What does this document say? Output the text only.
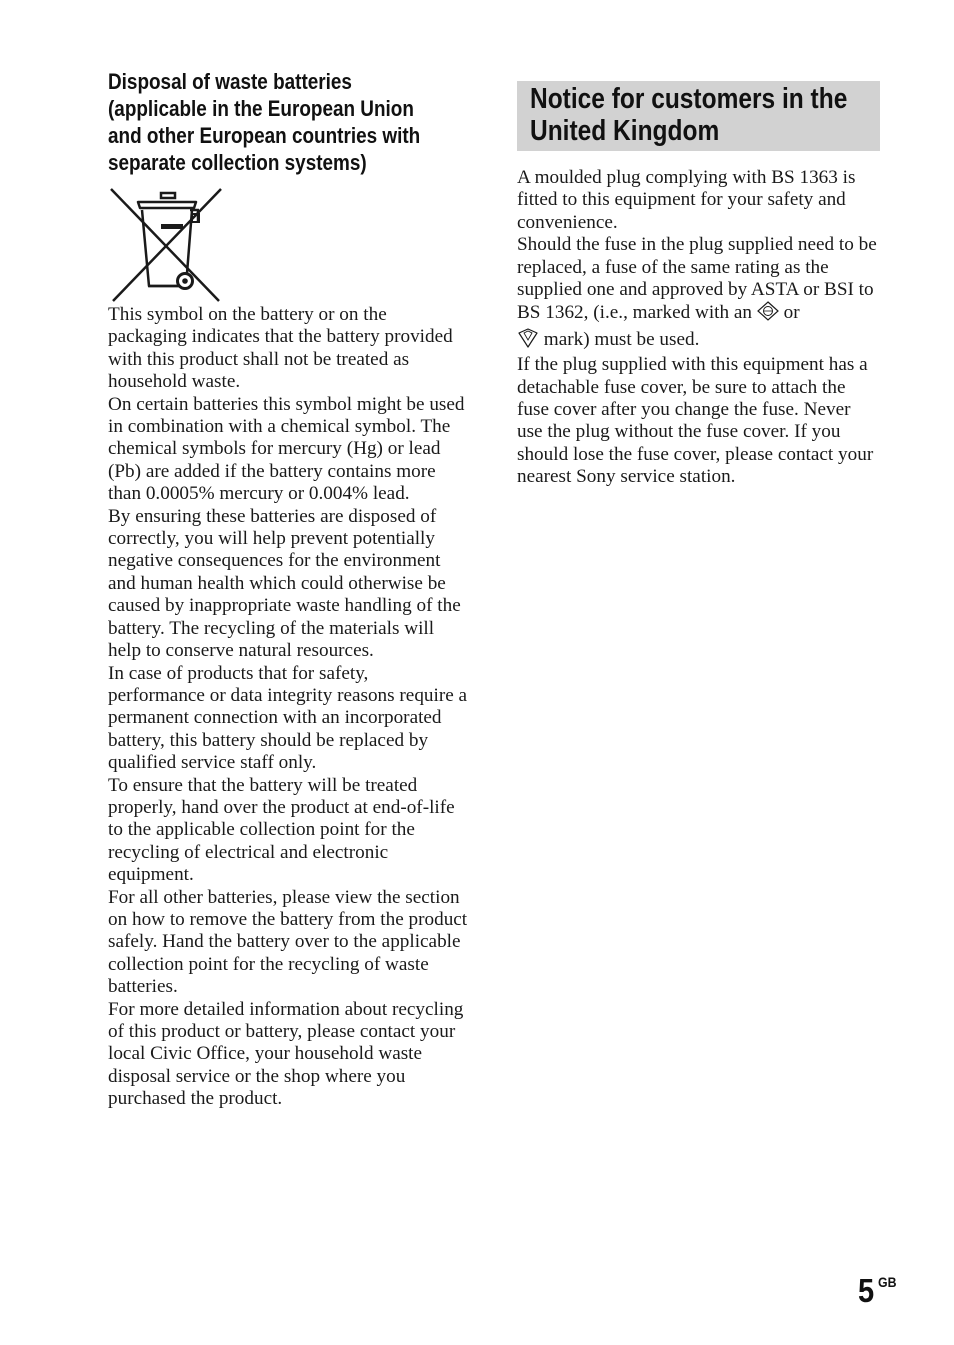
Disposal of waste batteries
(applicable in the European Union
and other European countries with
separate collection systems)

This symbol on the battery or on the packaging indicates that the battery provided with this product shall not be treated as household waste.

On certain batteries this symbol might be used in combination with a chemical symbol. The chemical symbols for mercury (Hg) or lead (Pb) are added if the battery contains more than 0.0005% mercury or 0.004% lead.

By ensuring these batteries are disposed of correctly, you will help prevent potentially negative consequences for the environment and human health which could otherwise be caused by inappropriate waste handling of the battery. The recycling of the materials will help to conserve natural resources.

In case of products that for safety, performance or data integrity reasons require a permanent connection with an incorporated battery, this battery should be replaced by qualified service staff only.

To ensure that the battery will be treated properly, hand over the product at end-of-life to the applicable collection point for the recycling of electrical and electronic equipment.

For all other batteries, please view the section on how to remove the battery from the product safely. Hand the battery over to the applicable collection point for the recycling of waste batteries.

For more detailed information about recycling of this product or battery, please contact your local Civic Office, your household waste disposal service or the shop where you purchased the product.

Notice for customers in the
United Kingdom

A moulded plug complying with BS 1363 is fitted to this equipment for your safety and convenience.

Should the fuse in the plug supplied need to be replaced, a fuse of the same rating as the supplied one and approved by ASTA or BSI to BS 1362, (i.e., marked with an or
mark) must be used.

If the plug supplied with this equipment has a detachable fuse cover, be sure to attach the fuse cover after you change the fuse. Never use the plug without the fuse cover. If you should lose the fuse cover, please contact your nearest Sony service station.

5 GB
